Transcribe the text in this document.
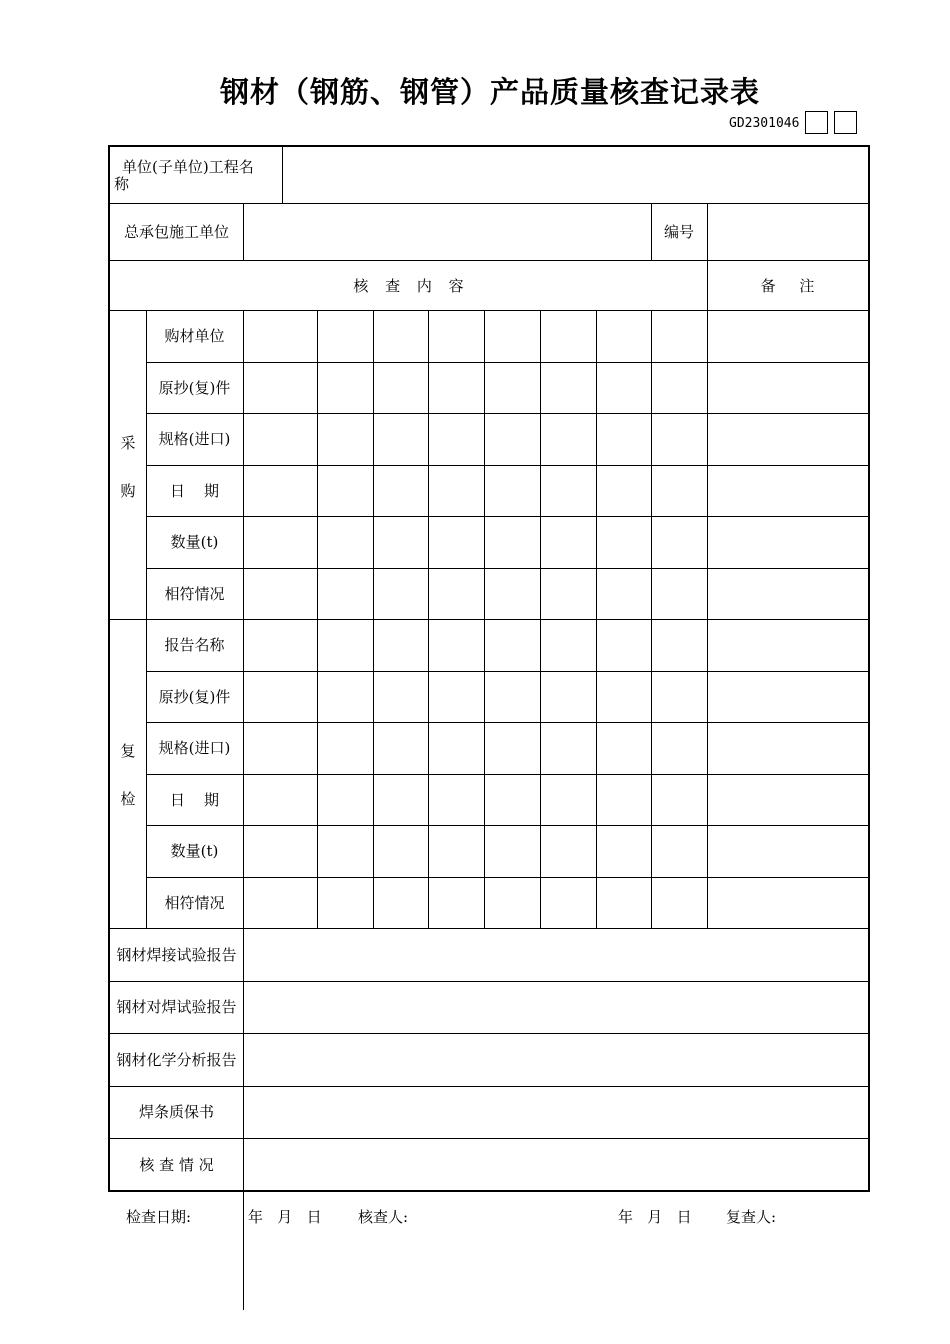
钢材（钢筋、钢管）产品质量核查记录表
GD2301046
单位(子单位)工程名
称
总承包施工单位	编号
核 查 内 容	备     注
采
购
购材单位
原抄(复)件
规格(进口)
日    期
数量(t)
相符情况
复
检
报告名称
原抄(复)件
规格(进口)
日    期
数量(t)
相符情况
钢材焊接试验报告
钢材对焊试验报告
钢材化学分析报告
焊条质保书
核 查 情 况
检查日期:	年   月   日 核查人:	年   月   日 复查人:
